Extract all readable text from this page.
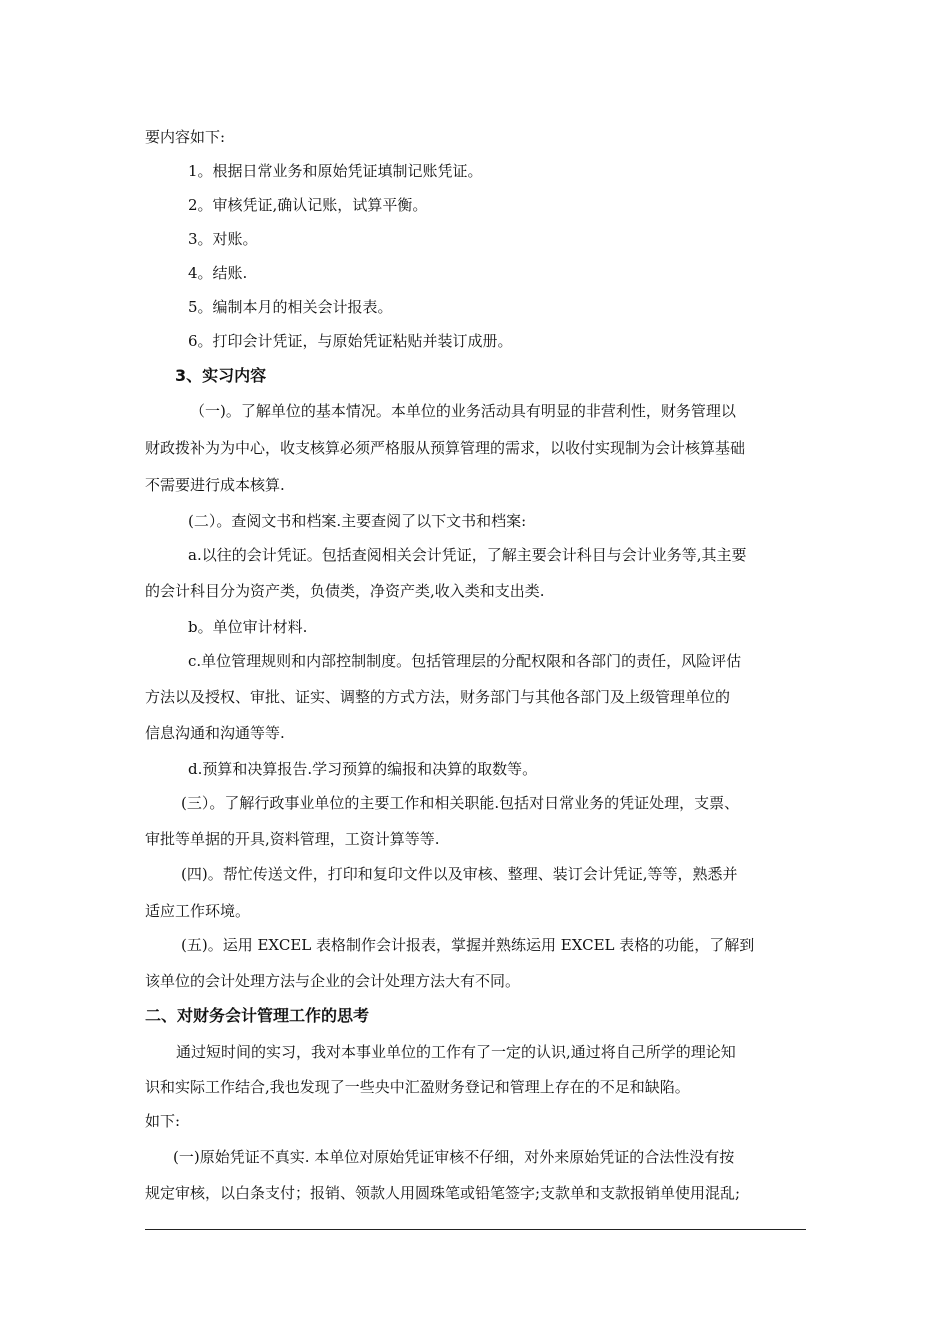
要内容如下:
1。根据日常业务和原始凭证填制记账凭证。
2。审核凭证,确认记账，试算平衡。
3。对账。
4。结账.
5。编制本月的相关会计报表。
6。打印会计凭证，与原始凭证粘贴并装订成册。
3、实习内容
（一)。了解单位的基本情况。本单位的业务活动具有明显的非营利性，财务管理以
财政拨补为为中心，收支核算必须严格服从预算管理的需求，以收付实现制为会计核算基础
不需要进行成本核算.
(二）。查阅文书和档案.主要查阅了以下文书和档案:
a.以往的会计凭证。包括查阅相关会计凭证，了解主要会计科目与会计业务等,其主要
的会计科目分为资产类，负债类，净资产类,收入类和支出类.
b。单位审计材料.
c.单位管理规则和内部控制制度。包括管理层的分配权限和各部门的责任，风险评估
方法以及授权、审批、证实、调整的方式方法，财务部门与其他各部门及上级管理单位的
信息沟通和沟通等等.
d.预算和决算报告.学习预算的编报和决算的取数等。
(三）。了解行政事业单位的主要工作和相关职能.包括对日常业务的凭证处理，支票、
审批等单据的开具,资料管理，工资计算等等.
(四)。帮忙传送文件，打印和复印文件以及审核、整理、装订会计凭证,等等，熟悉并
适应工作环境。
(五)。运用 EXCEL 表格制作会计报表，掌握并熟练运用 EXCEL 表格的功能，了解到
该单位的会计处理方法与企业的会计处理方法大有不同。
二、对财务会计管理工作的思考
通过短时间的实习，我对本事业单位的工作有了一定的认识,通过将自己所学的理论知
识和实际工作结合,我也发现了一些央中汇盈财务登记和管理上存在的不足和缺陷。
如下:
(一)原始凭证不真实. 本单位对原始凭证审核不仔细，对外来原始凭证的合法性没有按
规定审核，以白条支付；报销、领款人用圆珠笔或铅笔签字;支款单和支款报销单使用混乱;
